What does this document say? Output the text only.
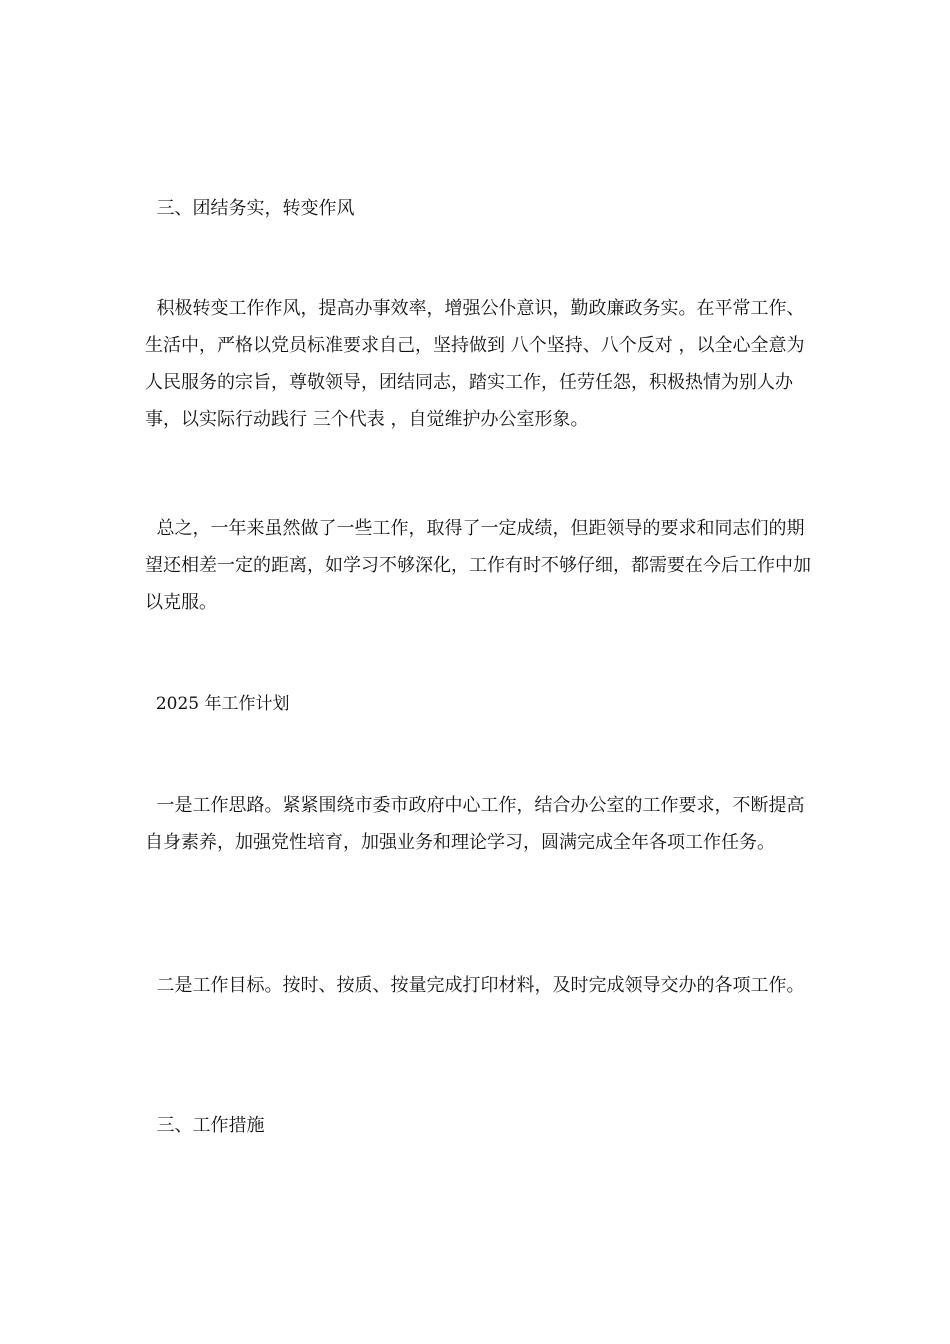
三、团结务实，转变作风
积极转变工作作风，提高办事效率，增强公仆意识，勤政廉政务实。在平常工作、生活中，严格以党员标准要求自己，坚持做到 八个坚持、八个反对 ，以全心全意为人民服务的宗旨，尊敬领导，团结同志，踏实工作，任劳任怨，积极热情为别人办事，以实际行动践行 三个代表 ，自觉维护办公室形象。
总之，一年来虽然做了一些工作，取得了一定成绩，但距领导的要求和同志们的期望还相差一定的距离，如学习不够深化，工作有时不够仔细，都需要在今后工作中加以克服。
2025 年工作计划
一是工作思路。紧紧围绕市委市政府中心工作，结合办公室的工作要求，不断提高自身素养，加强党性培育，加强业务和理论学习，圆满完成全年各项工作任务。
二是工作目标。按时、按质、按量完成打印材料，及时完成领导交办的各项工作。
三、工作措施
